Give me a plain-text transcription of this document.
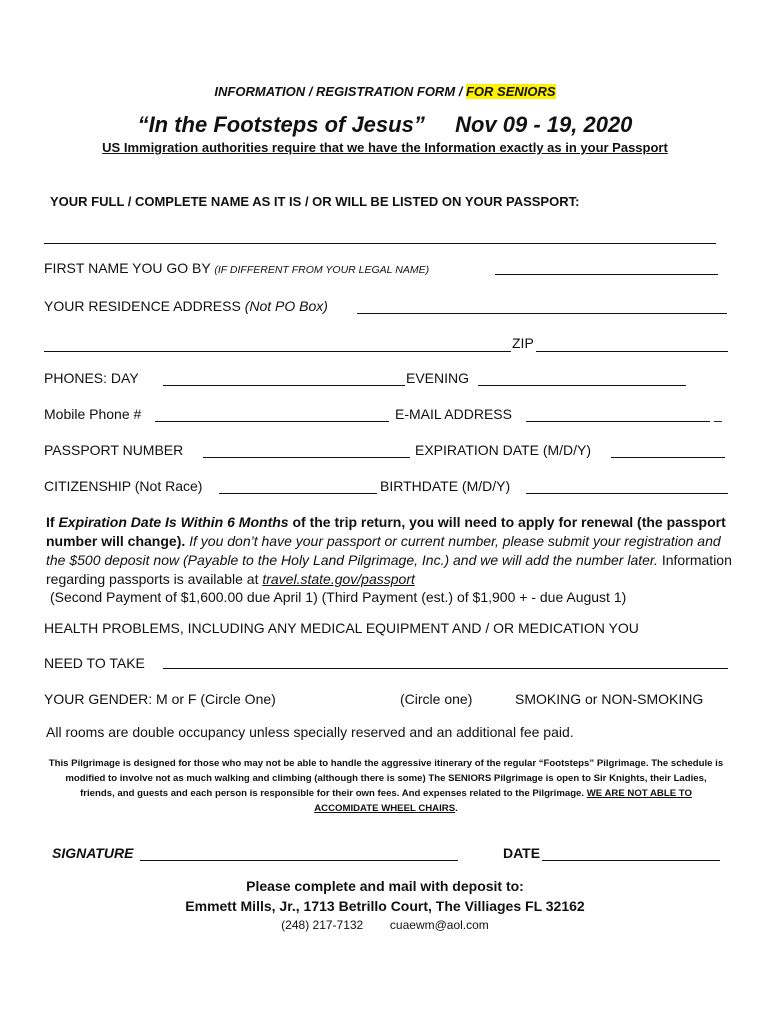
INFORMATION / REGISTRATION FORM / FOR SENIORS
“In the Footsteps of Jesus” Nov 09 - 19, 2020
US Immigration authorities require that we have the Information exactly as in your Passport
YOUR FULL / COMPLETE NAME AS IT IS / OR WILL BE LISTED ON YOUR PASSPORT:
FIRST NAME YOU GO BY (IF DIFFERENT FROM YOUR LEGAL NAME)
YOUR RESIDENCE ADDRESS (Not PO Box)
ZIP
PHONES: DAY	EVENING
Mobile Phone #	E-MAIL ADDRESS	_
PASSPORT NUMBER	EXPIRATION DATE (M/D/Y)
CITIZENSHIP (Not Race)	BIRTHDATE (M/D/Y)
If Expiration Date Is Within 6 Months of the trip return, you will need to apply for renewal (the passport number will change). If you don’t have your passport or current number, please submit your registration and the $500 deposit now (Payable to the Holy Land Pilgrimage, Inc.) and we will add the number later. Information regarding passports is available at travel.state.gov/passport
(Second Payment of $1,600.00 due April 1) (Third Payment (est.) of $1,900 + - due August 1)
HEALTH PROBLEMS, INCLUDING ANY MEDICAL EQUIPMENT AND / OR MEDICATION YOU
NEED TO TAKE
YOUR GENDER: M or F (Circle One)	(Circle one)	SMOKING or NON-SMOKING
All rooms are double occupancy unless specially reserved and an additional fee paid.
This Pilgrimage is designed for those who may not be able to handle the aggressive itinerary of the regular “Footsteps” Pilgrimage. The schedule is modified to involve not as much walking and climbing (although there is some) The SENIORS Pilgrimage is open to Sir Knights, their Ladies, friends, and guests and each person is responsible for their own fees. And expenses related to the Pilgrimage. WE ARE NOT ABLE TO ACCOMIDATE WHEEL CHAIRS.
SIGNATURE	DATE
Please complete and mail with deposit to:
Emmett Mills, Jr., 1713 Betrillo Court, The Villiages FL 32162
(248) 217-7132 cuaewm@aol.com
